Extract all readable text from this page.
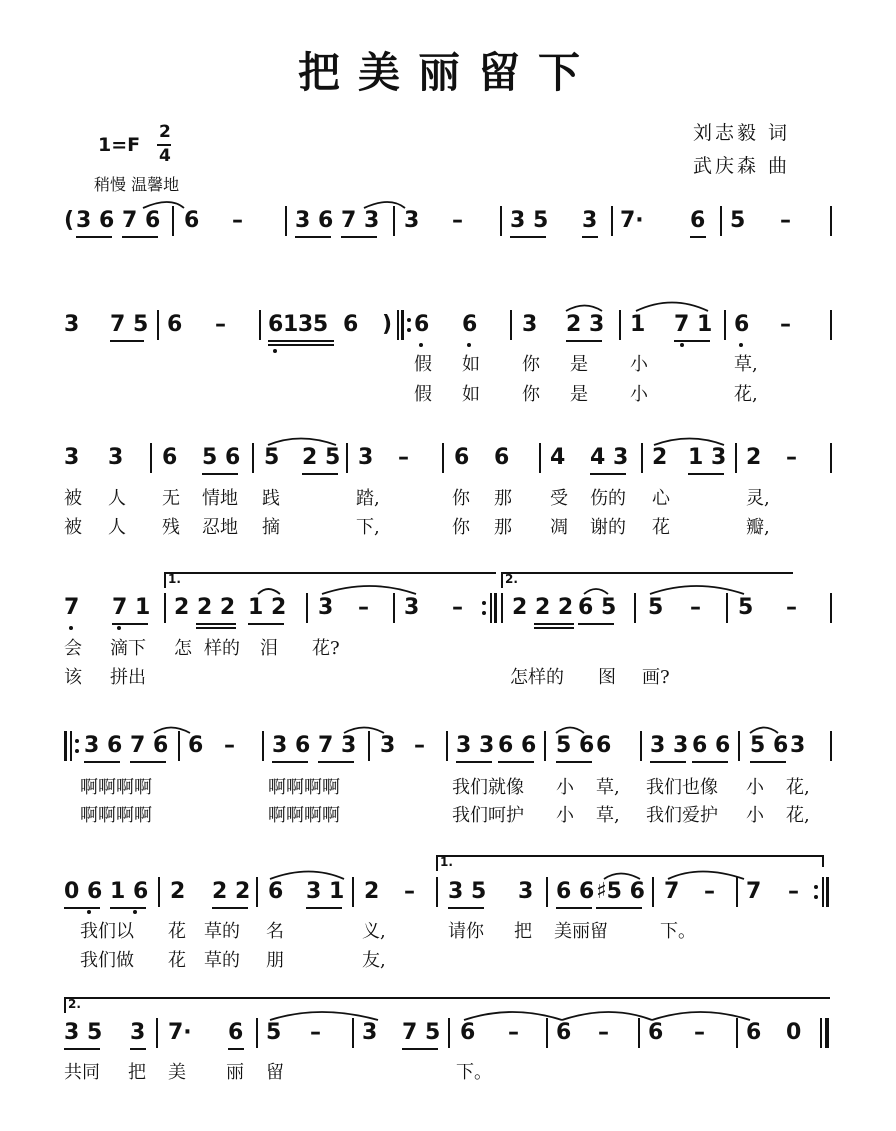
把美丽留下
刘志毅 词
武庆森 曲
1=F
2
4
稍慢 温馨地
( 3 6 7 6 6 – 3 6 7 3 3 – 3 5 3 7· 6 5 –
3 7 5 6 – 6 1 3 5 6 ) 6 6 3 2 3 1 7 1 6 –
假 如 你 是 小	草,
假 如 你 是 小	花,
3 3 6 5 6 5 2 5 3 – 6 6 4 4 3 2 1 3 2 –
被 人 无 情地 践	踏,	你 那 受 伤的 心	灵,
被 人 残 忍地 摘	下,	你 那 凋 谢的 花	瓣,
7 7 1 2 2 2 1 2 3 – 3 – 2 2 2 6 5 5 – 5 –
1.	2.
会 滴下 怎 样的 泪 花?
该 拼出	怎样的 图 画?
3 6 7 6 6 – 3 6 7 3 3 – 3 3 6 6 5 6 6 3 3 6 6 5 6 3
啊啊啊啊	啊啊啊啊	我们就像 小 草, 我们也像 小 花,
啊啊啊啊	啊啊啊啊	我们呵护 小 草, 我们爱护 小 花,
0 6 1 6 2 2 2 6 3 1 2 – 3 5 3 6 6 ♯5 6 7 – 7 –
1.
我们以 花 草的 名	义,	请你 把 美丽留	下。
我们做 花 草的 朋	友,
3 5 3 7· 6 5 – 3 7 5 6 – 6 – 6 – 6 0
2.
共同 把 美 丽 留	下。
